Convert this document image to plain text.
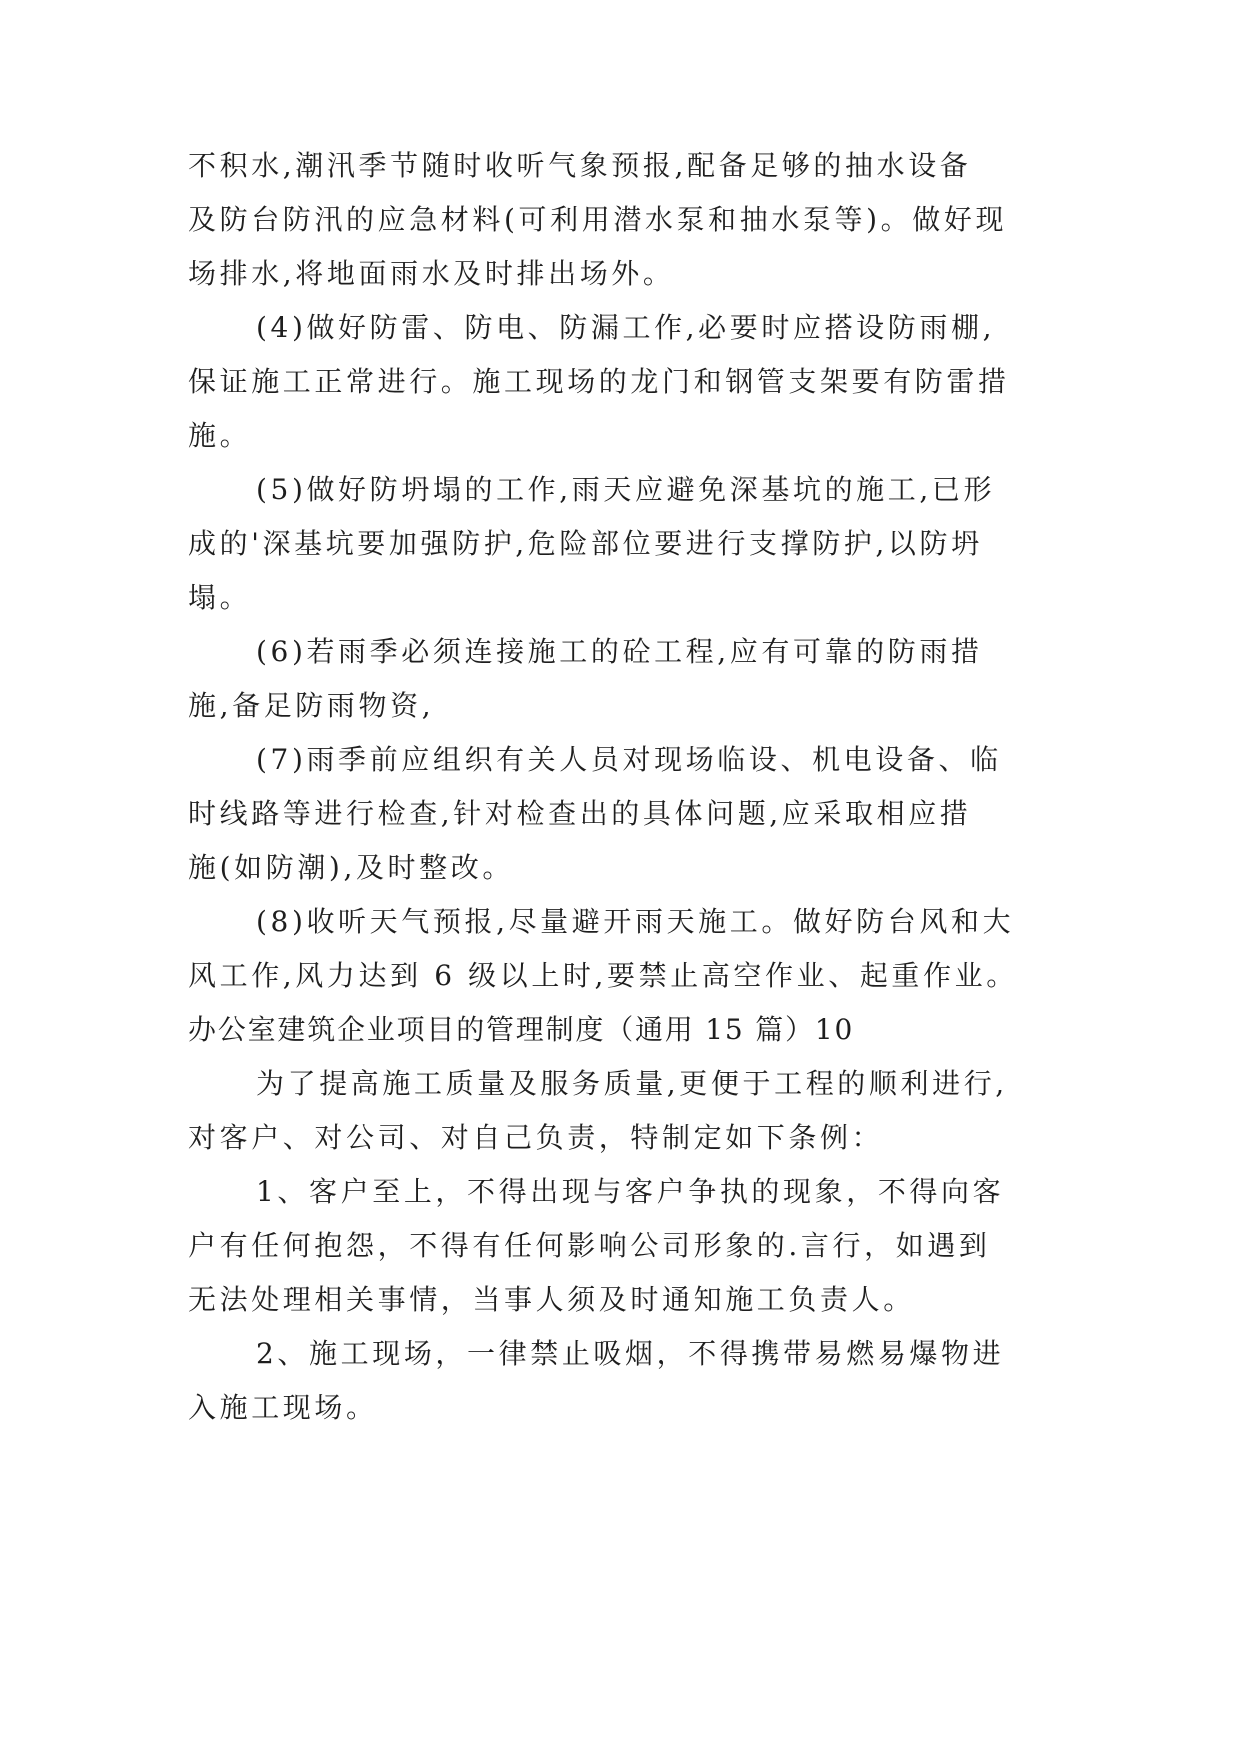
不积水,潮汛季节随时收听气象预报,配备足够的抽水设备
及防台防汛的应急材料(可利用潜水泵和抽水泵等)。做好现
场排水,将地面雨水及时排出场外。
(4)做好防雷、防电、防漏工作,必要时应搭设防雨棚,
保证施工正常进行。施工现场的龙门和钢管支架要有防雷措
施。
(5)做好防坍塌的工作,雨天应避免深基坑的施工,已形
成的'深基坑要加强防护,危险部位要进行支撑防护,以防坍
塌。
(6)若雨季必须连接施工的砼工程,应有可靠的防雨措
施,备足防雨物资,
(7)雨季前应组织有关人员对现场临设、机电设备、临
时线路等进行检查,针对检查出的具体问题,应采取相应措
施(如防潮),及时整改。
(8)收听天气预报,尽量避开雨天施工。做好防台风和大
风工作,风力达到 6 级以上时,要禁止高空作业、起重作业。
办公室建筑企业项目的管理制度（通用 15 篇）10
为了提高施工质量及服务质量,更便于工程的顺利进行,
对客户、对公司、对自己负责，特制定如下条例：
1、客户至上，不得出现与客户争执的现象，不得向客
户有任何抱怨，不得有任何影响公司形象的.言行，如遇到
无法处理相关事情，当事人须及时通知施工负责人。
2、施工现场，一律禁止吸烟，不得携带易燃易爆物进
入施工现场。
